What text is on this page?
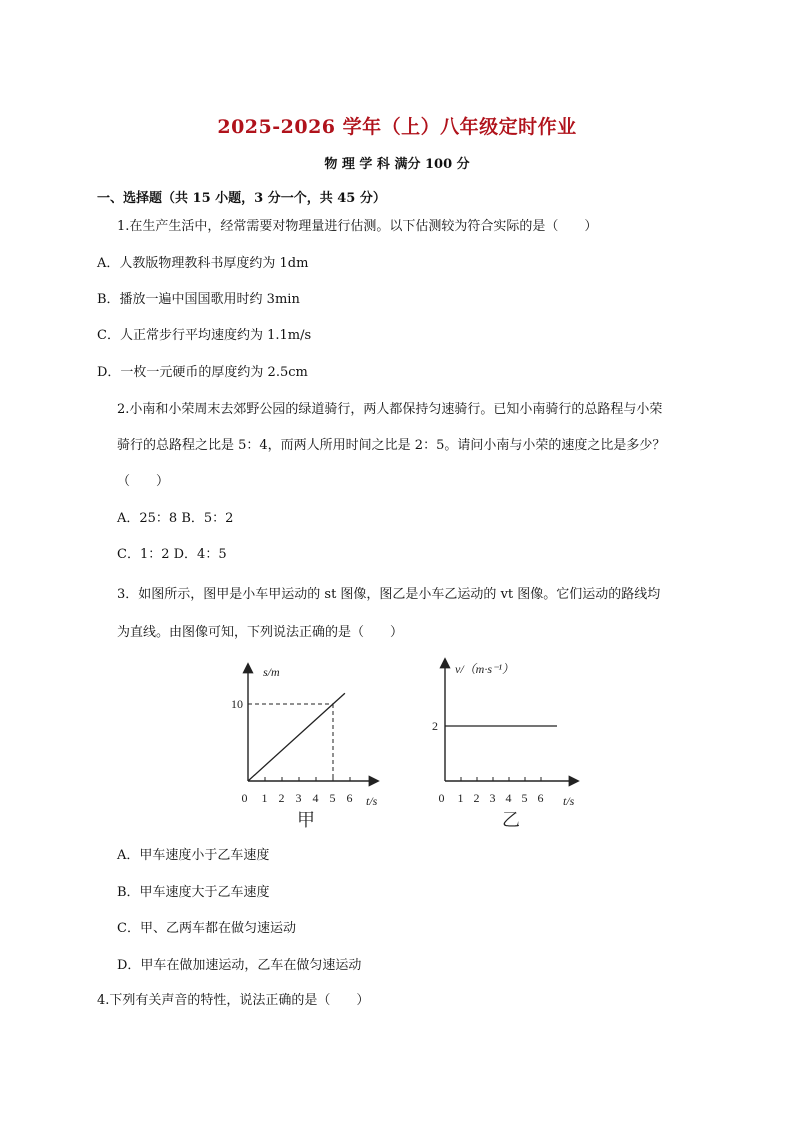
2025-2026 学年（上）八年级定时作业
物 理 学 科 满分 100 分
一、选择题（共 15 小题，3 分一个，共 45 分）
1.在生产生活中，经常需要对物理量进行估测。以下估测较为符合实际的是（　　）
A．人教版物理教科书厚度约为 1dm
B．播放一遍中国国歌用时约 3min
C．人正常步行平均速度约为 1.1m/s
D．一枚一元硬币的厚度约为 2.5cm
2.小南和小荣周末去郊野公园的绿道骑行，两人都保持匀速骑行。已知小南骑行的总路程与小荣
骑行的总路程之比是 5：4，而两人所用时间之比是 2：5。请问小南与小荣的速度之比是多少？
（　　）
A．25：8 B．5：2
C．1：2 D．4：5
3．如图所示，图甲是小车甲运动的 st 图像，图乙是小车乙运动的 vt 图像。它们运动的路线均
为直线。由图像可知，下列说法正确的是（　　）
s/m
t/s
甲
0 1 2 3 4 5 6
10
v/（m·s⁻¹）
t/s
乙
0 1 2 3 4 5 6
2
A．甲车速度小于乙车速度
B．甲车速度大于乙车速度
C．甲、乙两车都在做匀速运动
D．甲车在做加速运动，乙车在做匀速运动
4.下列有关声音的特性，说法正确的是（　　）
